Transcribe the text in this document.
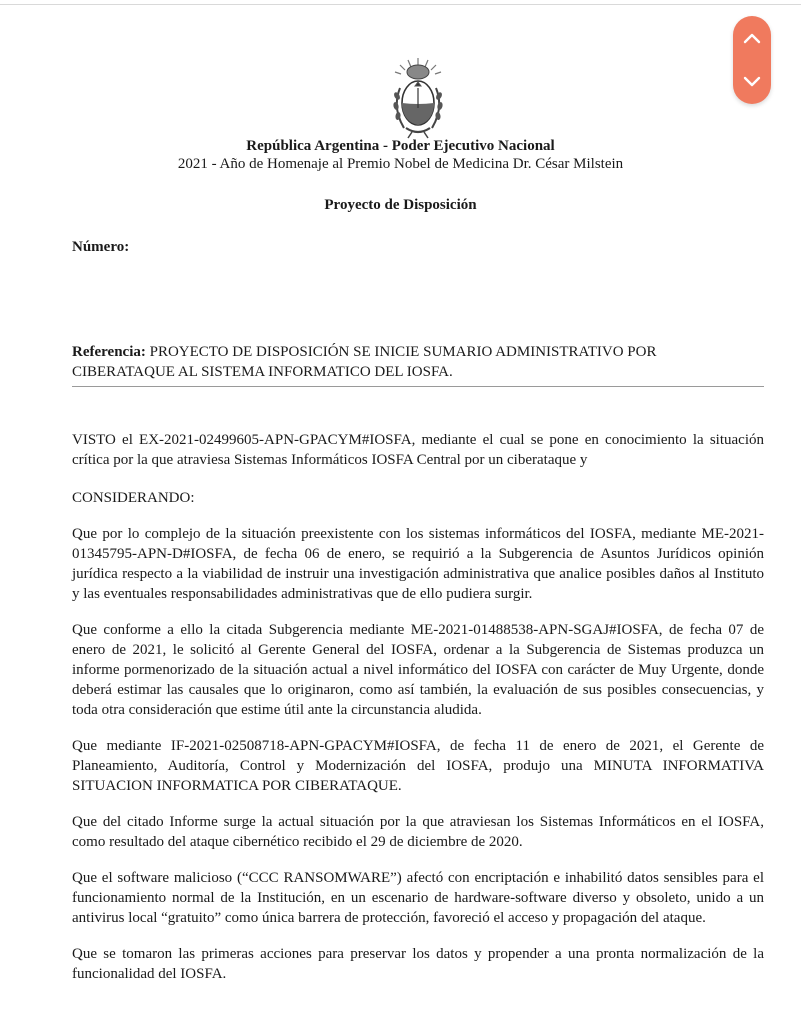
República Argentina - Poder Ejecutivo Nacional
2021 - Año de Homenaje al Premio Nobel de Medicina Dr. César Milstein
Proyecto de Disposición
Número:
Referencia: PROYECTO DE DISPOSICIÓN SE INICIE SUMARIO ADMINISTRATIVO POR CIBERATAQUE AL SISTEMA INFORMATICO DEL IOSFA.

VISTO el EX-2021-02499605-APN-GPACYM#IOSFA, mediante el cual se pone en conocimiento la situación crítica por la que atraviesa Sistemas Informáticos IOSFA Central por un ciberataque y

CONSIDERANDO:

Que por lo complejo de la situación preexistente con los sistemas informáticos del IOSFA, mediante ME-2021-01345795-APN-D#IOSFA, de fecha 06 de enero, se requirió a la Subgerencia de Asuntos Jurídicos opinión jurídica respecto a la viabilidad de instruir una investigación administrativa que analice posibles daños al Instituto y las eventuales responsabilidades administrativas que de ello pudiera surgir.

Que conforme a ello la citada Subgerencia mediante ME-2021-01488538-APN-SGAJ#IOSFA, de fecha 07 de enero de 2021, le solicitó al Gerente General del IOSFA, ordenar a la Subgerencia de Sistemas produzca un informe pormenorizado de la situación actual a nivel informático del IOSFA con carácter de Muy Urgente, donde deberá estimar las causales que lo originaron, como así también, la evaluación de sus posibles consecuencias, y toda otra consideración que estime útil ante la circunstancia aludida.

Que mediante IF-2021-02508718-APN-GPACYM#IOSFA, de fecha 11 de enero de 2021, el Gerente de Planeamiento, Auditoría, Control y Modernización del IOSFA, produjo una MINUTA INFORMATIVA SITUACION INFORMATICA POR CIBERATAQUE.

Que del citado Informe surge la actual situación por la que atraviesan los Sistemas Informáticos en el IOSFA, como resultado del ataque cibernético recibido el 29 de diciembre de 2020.

Que el software malicioso (“CCC RANSOMWARE”) afectó con encriptación e inhabilitó datos sensibles para el funcionamiento normal de la Institución, en un escenario de hardware-software diverso y obsoleto, unido a un antivirus local “gratuito” como única barrera de protección, favoreció el acceso y propagación del ataque.

Que se tomaron las primeras acciones para preservar los datos y propender a una pronta normalización de la funcionalidad del IOSFA.
